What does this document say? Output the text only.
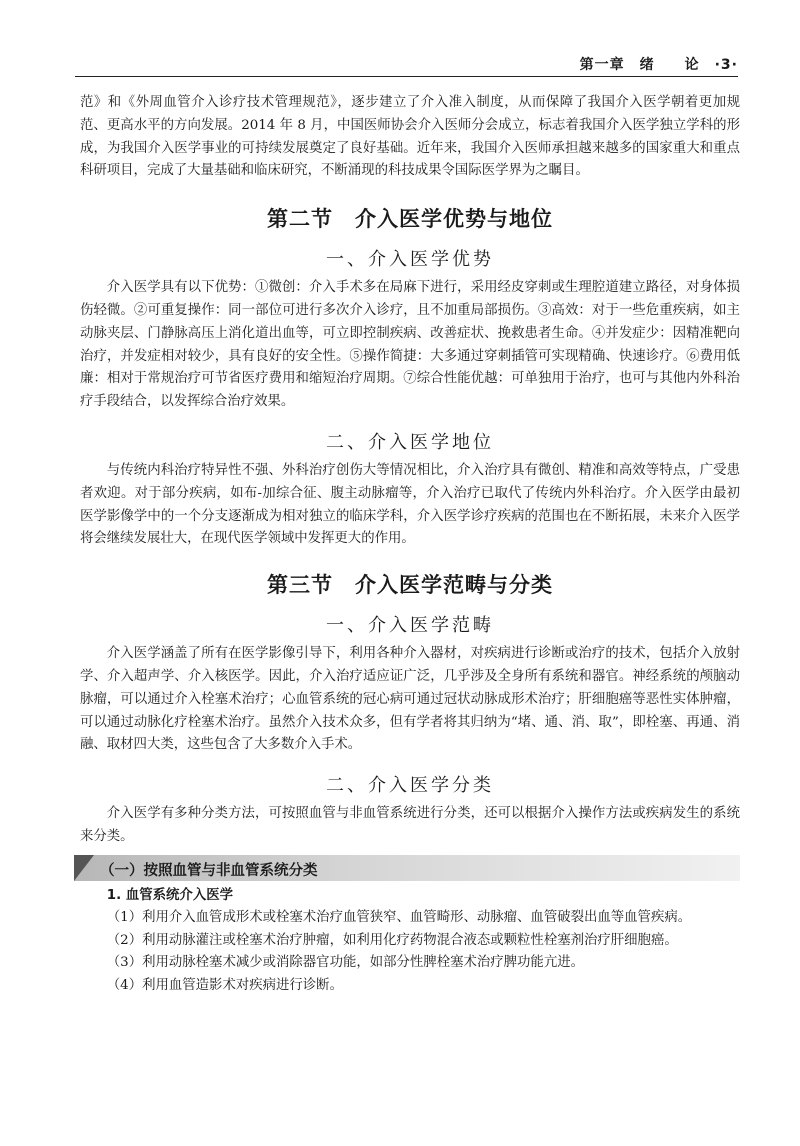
第一章　绪　　论　·3·

范》和《外周血管介入诊疗技术管理规范》，逐步建立了介入准入制度，从而保障了我国介入医学朝着更加规范、更高水平的方向发展。2014 年 8 月，中国医师协会介入医师分会成立，标志着我国介入医学独立学科的形成，为我国介入医学事业的可持续发展奠定了良好基础。近年来，我国介入医师承担越来越多的国家重大和重点科研项目，完成了大量基础和临床研究，不断涌现的科技成果令国际医学界为之瞩目。

第二节　介入医学优势与地位
一、介入医学优势

介入医学具有以下优势：①微创：介入手术多在局麻下进行，采用经皮穿刺或生理腔道建立路径，对身体损伤轻微。②可重复操作：同一部位可进行多次介入诊疗，且不加重局部损伤。③高效：对于一些危重疾病，如主动脉夹层、门静脉高压上消化道出血等，可立即控制疾病、改善症状、挽救患者生命。④并发症少：因精准靶向治疗，并发症相对较少，具有良好的安全性。⑤操作简捷：大多通过穿刺插管可实现精确、快速诊疗。⑥费用低廉：相对于常规治疗可节省医疗费用和缩短治疗周期。⑦综合性能优越：可单独用于治疗，也可与其他内外科治疗手段结合，以发挥综合治疗效果。

二、介入医学地位

与传统内科治疗特异性不强、外科治疗创伤大等情况相比，介入治疗具有微创、精准和高效等特点，广受患者欢迎。对于部分疾病，如布-加综合征、腹主动脉瘤等，介入治疗已取代了传统内外科治疗。介入医学由最初医学影像学中的一个分支逐渐成为相对独立的临床学科，介入医学诊疗疾病的范围也在不断拓展，未来介入医学将会继续发展壮大，在现代医学领域中发挥更大的作用。

第三节　介入医学范畴与分类
一、介入医学范畴

介入医学涵盖了所有在医学影像引导下，利用各种介入器材，对疾病进行诊断或治疗的技术，包括介入放射学、介入超声学、介入核医学。因此，介入治疗适应证广泛，几乎涉及全身所有系统和器官。神经系统的颅脑动脉瘤，可以通过介入栓塞术治疗；心血管系统的冠心病可通过冠状动脉成形术治疗；肝细胞癌等恶性实体肿瘤，可以通过动脉化疗栓塞术治疗。虽然介入技术众多，但有学者将其归纳为“堵、通、消、取”，即栓塞、再通、消融、取材四大类，这些包含了大多数介入手术。

二、介入医学分类

介入医学有多种分类方法，可按照血管与非血管系统进行分类，还可以根据介入操作方法或疾病发生的系统来分类。

（一）按照血管与非血管系统分类
1. 血管系统介入医学

（1）利用介入血管成形术或栓塞术治疗血管狭窄、血管畸形、动脉瘤、血管破裂出血等血管疾病。

（2）利用动脉灌注或栓塞术治疗肿瘤，如利用化疗药物混合液态或颗粒性栓塞剂治疗肝细胞癌。

（3）利用动脉栓塞术减少或消除器官功能，如部分性脾栓塞术治疗脾功能亢进。

（4）利用血管造影术对疾病进行诊断。
